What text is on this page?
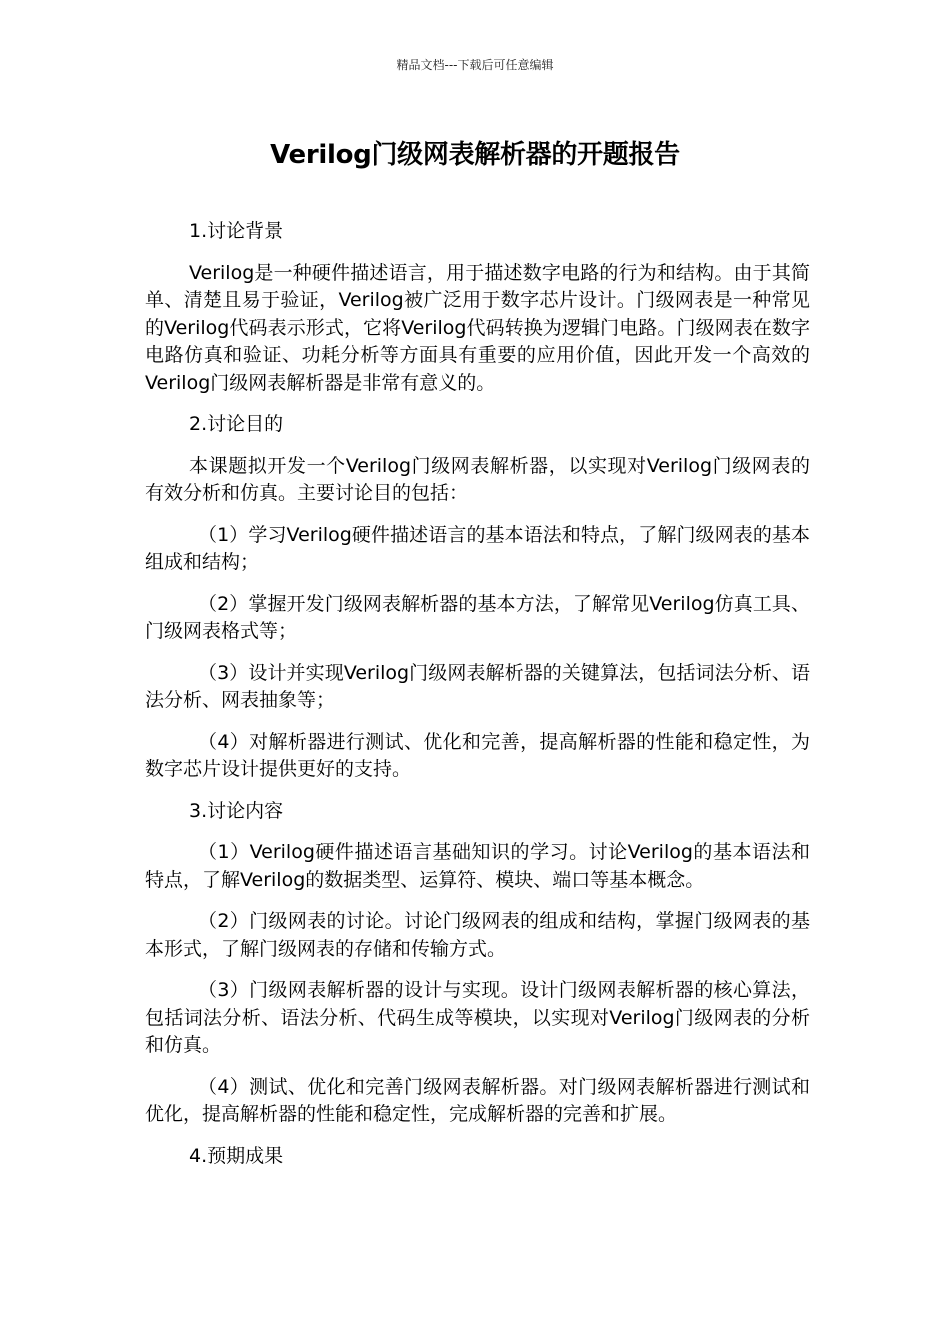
精品文档---下载后可任意编辑
Verilog门级网表解析器的开题报告

1.讨论背景

Verilog是一种硬件描述语言，用于描述数字电路的行为和结构。由于其简单、清楚且易于验证，Verilog被广泛用于数字芯片设计。门级网表是一种常见的Verilog代码表示形式，它将Verilog代码转换为逻辑门电路。门级网表在数字电路仿真和验证、功耗分析等方面具有重要的应用价值，因此开发一个高效的Verilog门级网表解析器是非常有意义的。

2.讨论目的

本课题拟开发一个Verilog门级网表解析器，以实现对Verilog门级网表的有效分析和仿真。主要讨论目的包括：

（1）学习Verilog硬件描述语言的基本语法和特点，了解门级网表的基本组成和结构；

（2）掌握开发门级网表解析器的基本方法，了解常见Verilog仿真工具、门级网表格式等；

（3）设计并实现Verilog门级网表解析器的关键算法，包括词法分析、语法分析、网表抽象等；

（4）对解析器进行测试、优化和完善，提高解析器的性能和稳定性，为数字芯片设计提供更好的支持。

3.讨论内容

（1）Verilog硬件描述语言基础知识的学习。讨论Verilog的基本语法和特点，了解Verilog的数据类型、运算符、模块、端口等基本概念。

（2）门级网表的讨论。讨论门级网表的组成和结构，掌握门级网表的基本形式，了解门级网表的存储和传输方式。

（3）门级网表解析器的设计与实现。设计门级网表解析器的核心算法，包括词法分析、语法分析、代码生成等模块，以实现对Verilog门级网表的分析和仿真。

（4）测试、优化和完善门级网表解析器。对门级网表解析器进行测试和优化，提高解析器的性能和稳定性，完成解析器的完善和扩展。

4.预期成果
